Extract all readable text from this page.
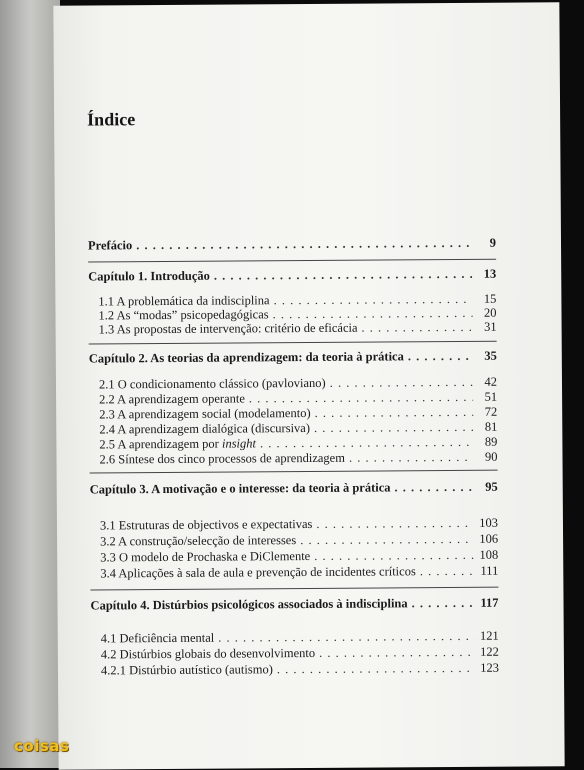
Índice
Prefácio . . .	9
Capítulo 1. Introdução . . .	13
1.1 A problemática da indisciplina . . .	15
1.2 As “modas” psicopedagógicas . . .	20
1.3 As propostas de intervenção: critério de eficácia . . .	31
Capítulo 2. As teorias da aprendizagem: da teoria à prática . . .	35
2.1 O condicionamento clássico (pavloviano) . . .	42
2.2 A aprendizagem operante . . .	51
2.3 A aprendizagem social (modelamento) . . .	72
2.4 A aprendizagem dialógica (discursiva) . . .	81
2.5 A aprendizagem por insight . . .	89
2.6 Síntese dos cinco processos de aprendizagem . . .	90
Capítulo 3. A motivação e o interesse: da teoria à prática . . .	95
3.1 Estruturas de objectivos e expectativas . . .	103
3.2 A construção/selecção de interesses . . .	106
3.3 O modelo de Prochaska e DiClemente . . .	108
3.4 Aplicações à sala de aula e prevenção de incidentes críticos . . .	111
Capítulo 4. Distúrbios psicológicos associados à indisciplina . . .	117
4.1 Deficiência mental . . .	121
4.2 Distúrbios globais do desenvolvimento . . .	122
4.2.1 Distúrbio autístico (autismo) . . .	123
coisas
